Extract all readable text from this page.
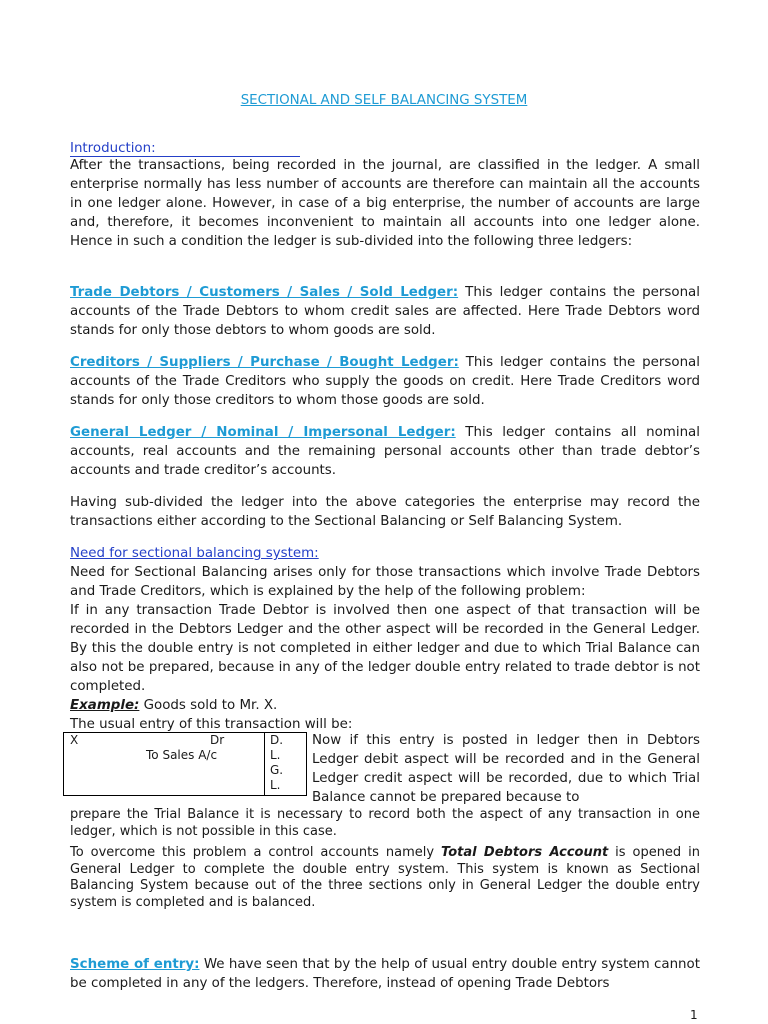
SECTIONAL AND SELF BALANCING SYSTEM
Introduction:

After the transactions, being recorded in the journal, are classified in the ledger. A small enterprise normally has less number of accounts are therefore can maintain all the accounts in one ledger alone. However, in case of a big enterprise, the number of accounts are large and, therefore, it becomes inconvenient to maintain all accounts into one ledger alone. Hence in such a condition the ledger is sub-divided into the following three ledgers:

Trade Debtors / Customers / Sales / Sold Ledger: This ledger contains the personal accounts of the Trade Debtors to whom credit sales are affected. Here Trade Debtors word stands for only those debtors to whom goods are sold.

Creditors / Suppliers / Purchase / Bought Ledger: This ledger contains the personal accounts of the Trade Creditors who supply the goods on credit. Here Trade Creditors word stands for only those creditors to whom those goods are sold.

General Ledger / Nominal / Impersonal Ledger: This ledger contains all nominal accounts, real accounts and the remaining personal accounts other than trade debtor’s accounts and trade creditor’s accounts.

Having sub-divided the ledger into the above categories the enterprise may record the transactions either according to the Sectional Balancing or Self Balancing System.

Need for sectional balancing system:
Need for Sectional Balancing arises only for those transactions which involve Trade Debtors and Trade Creditors, which is explained by the help of the following problem:
If in any transaction Trade Debtor is involved then one aspect of that transaction will be recorded in the Debtors Ledger and the other aspect will be recorded in the General Ledger. By this the double entry is not completed in either ledger and due to which Trial Balance can also not be prepared, because in any of the ledger double entry related to trade debtor is not completed.
Example: Goods sold to Mr. X.
The usual entry of this transaction will be:

X	Dr
To Sales A/c
D.
L.
G.
L.

Now if this entry is posted in ledger then in Debtors Ledger debit aspect will be recorded and in the General Ledger credit aspect will be recorded, due to which Trial Balance cannot be prepared because to

prepare the Trial Balance it is necessary to record both the aspect of any transaction in one ledger, which is not possible in this case.

To overcome this problem a control accounts namely Total Debtors Account is opened in General Ledger to complete the double entry system. This system is known as Sectional Balancing System because out of the three sections only in General Ledger the double entry system is completed and is balanced.

Scheme of entry: We have seen that by the help of usual entry double entry system cannot be completed in any of the ledgers. Therefore, instead of opening Trade Debtors

1
